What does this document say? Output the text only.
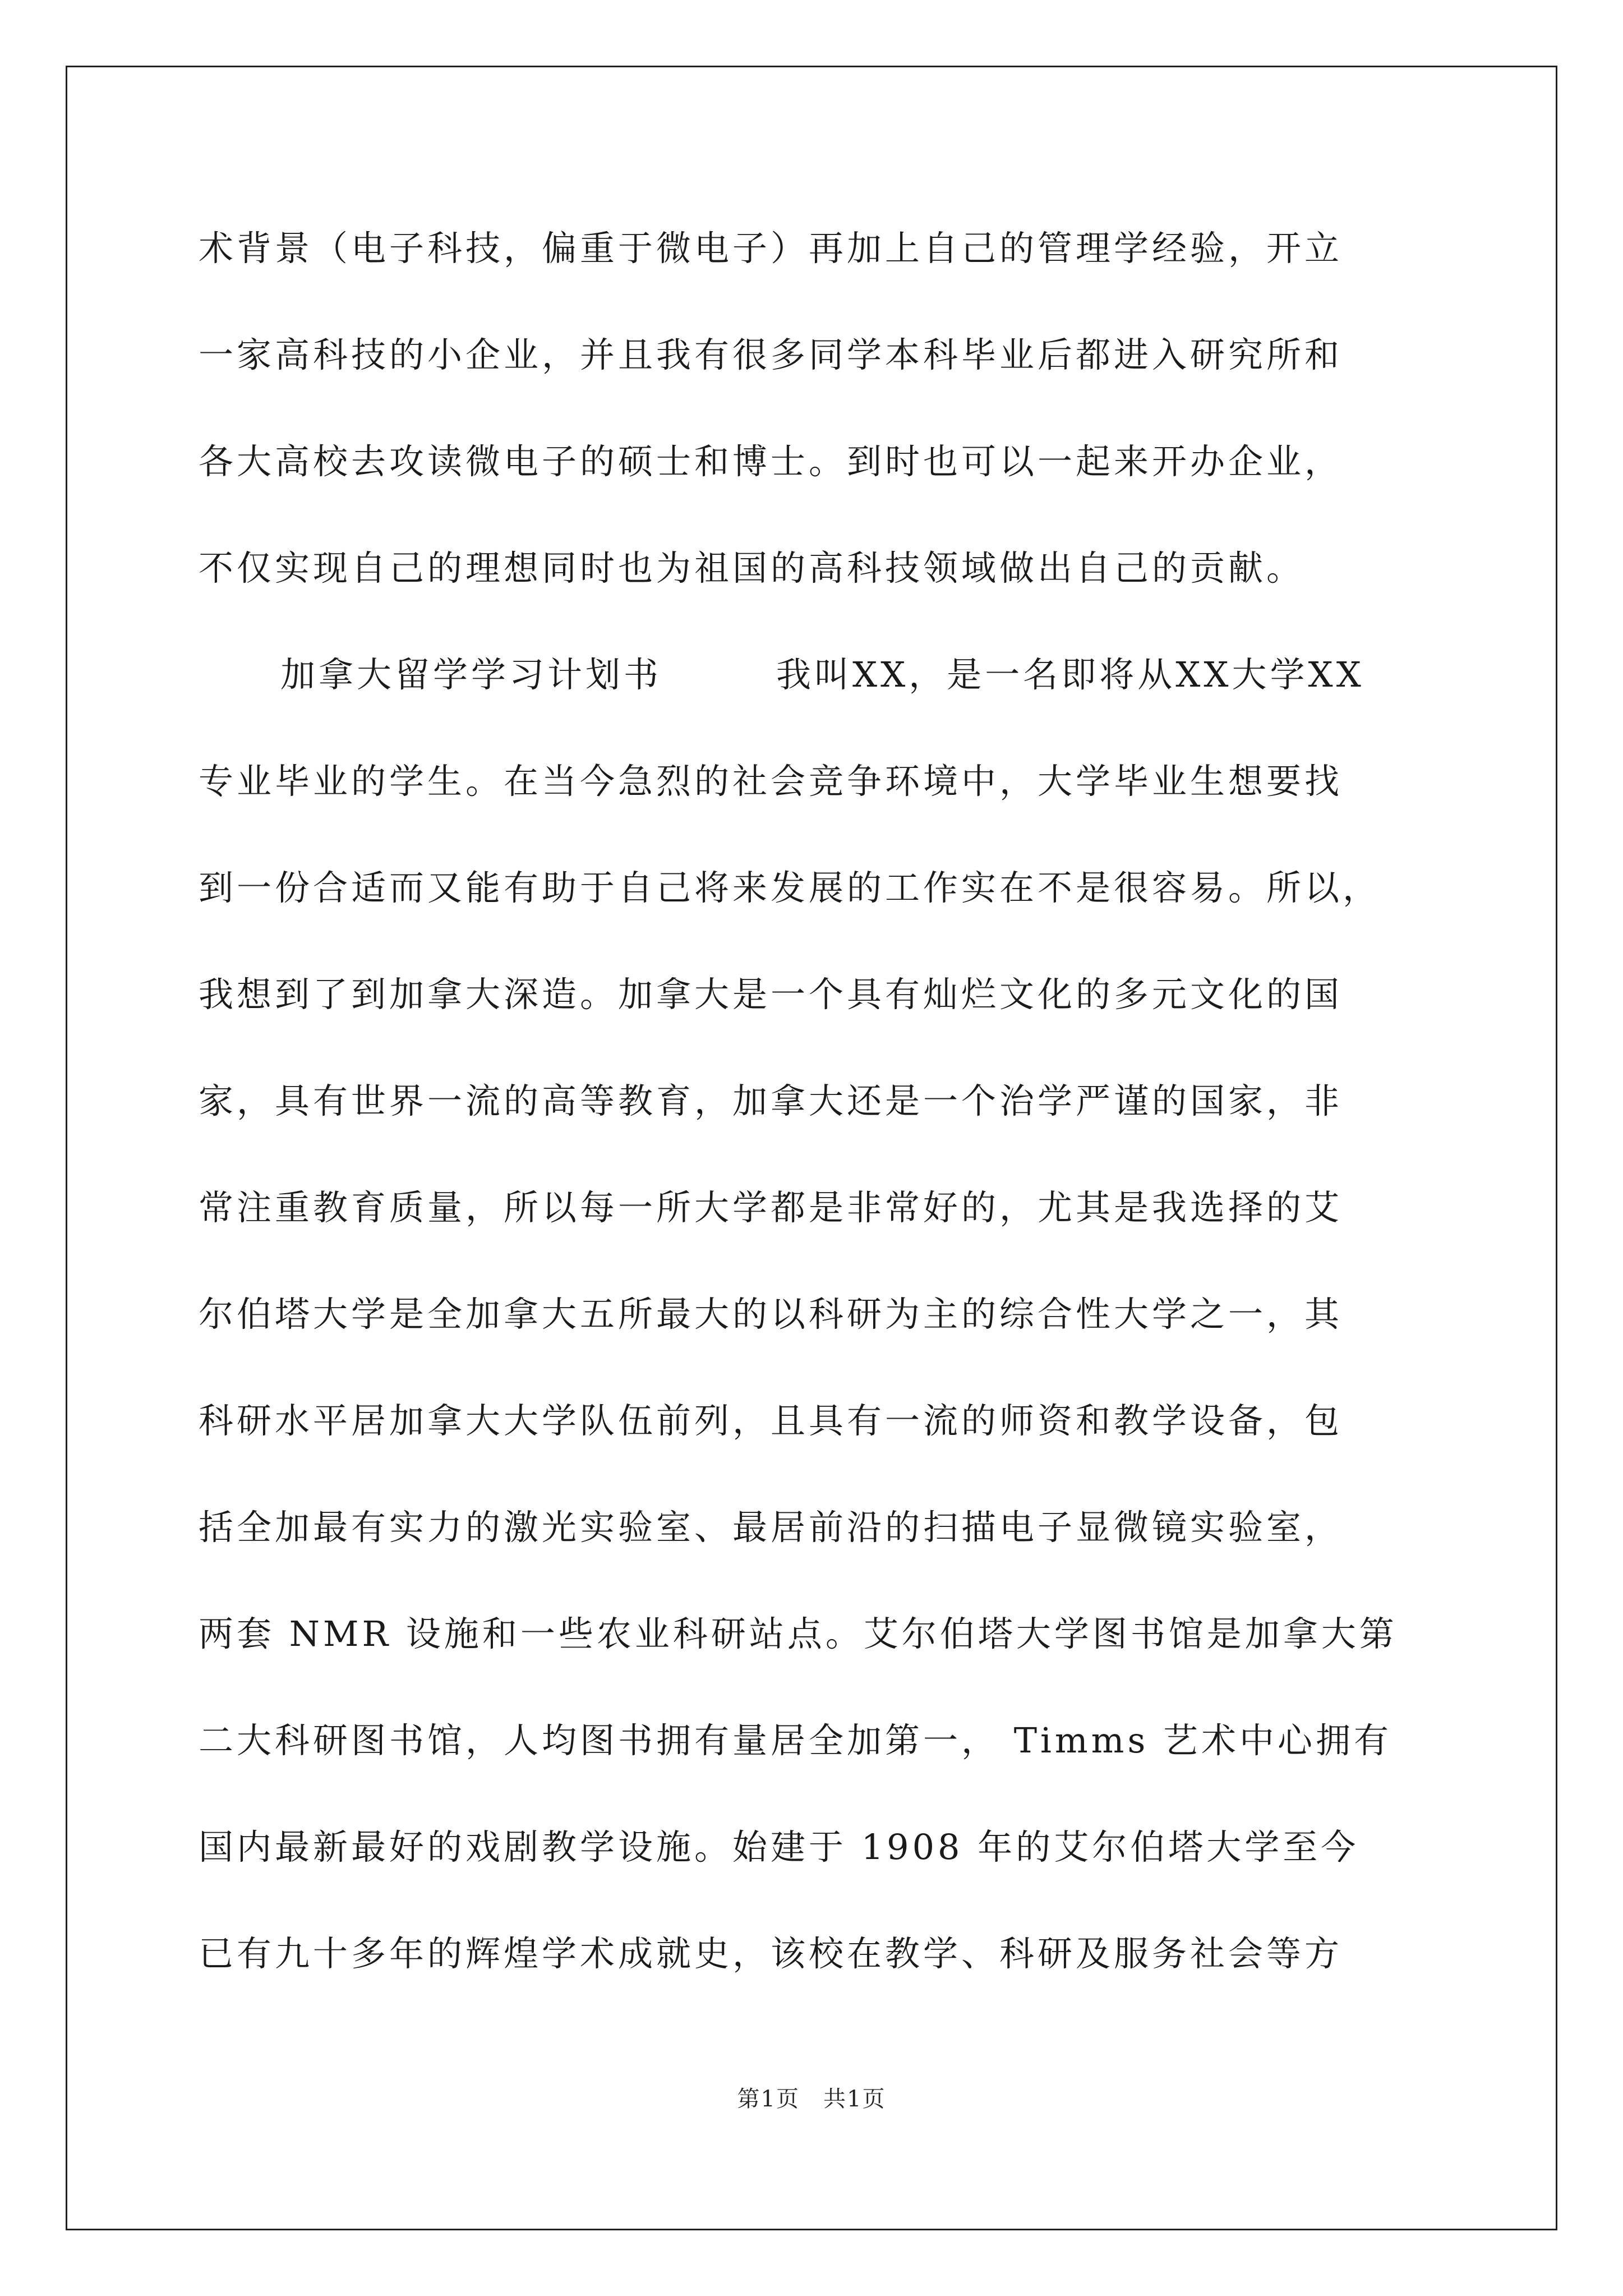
术背景（电子科技，偏重于微电子）再加上自己的管理学经验，开立
一家高科技的小企业，并且我有很多同学本科毕业后都进入研究所和
各大高校去攻读微电子的硕士和博士。到时也可以一起来开办企业，
不仅实现自己的理想同时也为祖国的高科技领域做出自己的贡献。
加拿大留学学习计划书　　　我叫XX，是一名即将从XX大学XX
专业毕业的学生。在当今急烈的社会竞争环境中，大学毕业生想要找
到一份合适而又能有助于自己将来发展的工作实在不是很容易。所以，
我想到了到加拿大深造。加拿大是一个具有灿烂文化的多元文化的国
家，具有世界一流的高等教育，加拿大还是一个治学严谨的国家，非
常注重教育质量，所以每一所大学都是非常好的，尤其是我选择的艾
尔伯塔大学是全加拿大五所最大的以科研为主的综合性大学之一，其
科研水平居加拿大大学队伍前列，且具有一流的师资和教学设备，包
括全加最有实力的激光实验室、最居前沿的扫描电子显微镜实验室，
两套 NMR 设施和一些农业科研站点。艾尔伯塔大学图书馆是加拿大第
二大科研图书馆，人均图书拥有量居全加第一， Timms 艺术中心拥有
国内最新最好的戏剧教学设施。始建于 1908 年的艾尔伯塔大学至今
已有九十多年的辉煌学术成就史，该校在教学、科研及服务社会等方
第1页　共1页
